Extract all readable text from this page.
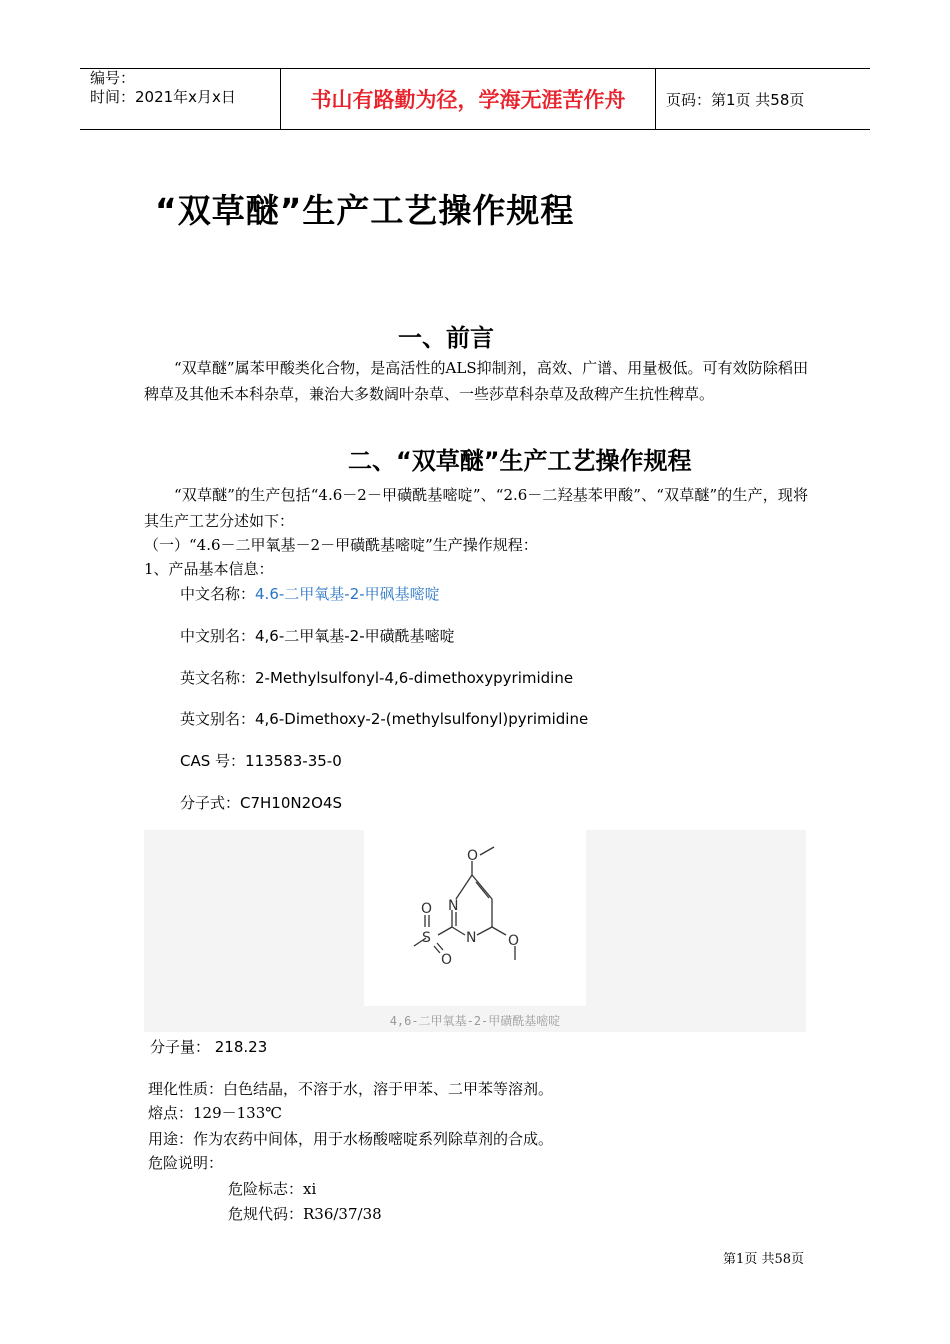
编号：
时间：2021年x月x日	书山有路勤为径，学海无涯苦作舟	页码：第1页 共58页
“双草醚”生产工艺操作规程
一、前言
“双草醚”属苯甲酸类化合物，是高活性的ALS抑制剂，高效、广谱、用量极低。可有效防除稻田稗草及其他禾本科杂草，兼治大多数阔叶杂草、一些莎草科杂草及敌稗产生抗性稗草。
二、“双草醚”生产工艺操作规程
“双草醚”的生产包括“4.6－2－甲磺酰基嘧啶”、“2.6－二羟基苯甲酸”、“双草醚”的生产，现将其生产工艺分述如下：
（一）“4.6－二甲氧基－2－甲磺酰基嘧啶”生产操作规程：
1、产品基本信息：
中文名称：4.6-二甲氧基-2-甲砜基嘧啶
中文别名：4,6-二甲氧基-2-甲磺酰基嘧啶
英文名称：2-Methylsulfonyl-4,6-dimethoxypyrimidine
英文别名：4,6-Dimethoxy-2-(methylsulfonyl)pyrimidine
CAS 号：113583-35-0
分子式：C7H10N2O4S
O
N
N O
S
O
O
4,6-二甲氧基-2-甲磺酰基嘧啶
分子量： 218.23
理化性质：白色结晶，不溶于水，溶于甲苯、二甲苯等溶剂。
熔点：129－133℃
用途：作为农药中间体，用于水杨酸嘧啶系列除草剂的合成。
危险说明：
危险标志：xi
危规代码：R36/37/38
第1页 共58页
